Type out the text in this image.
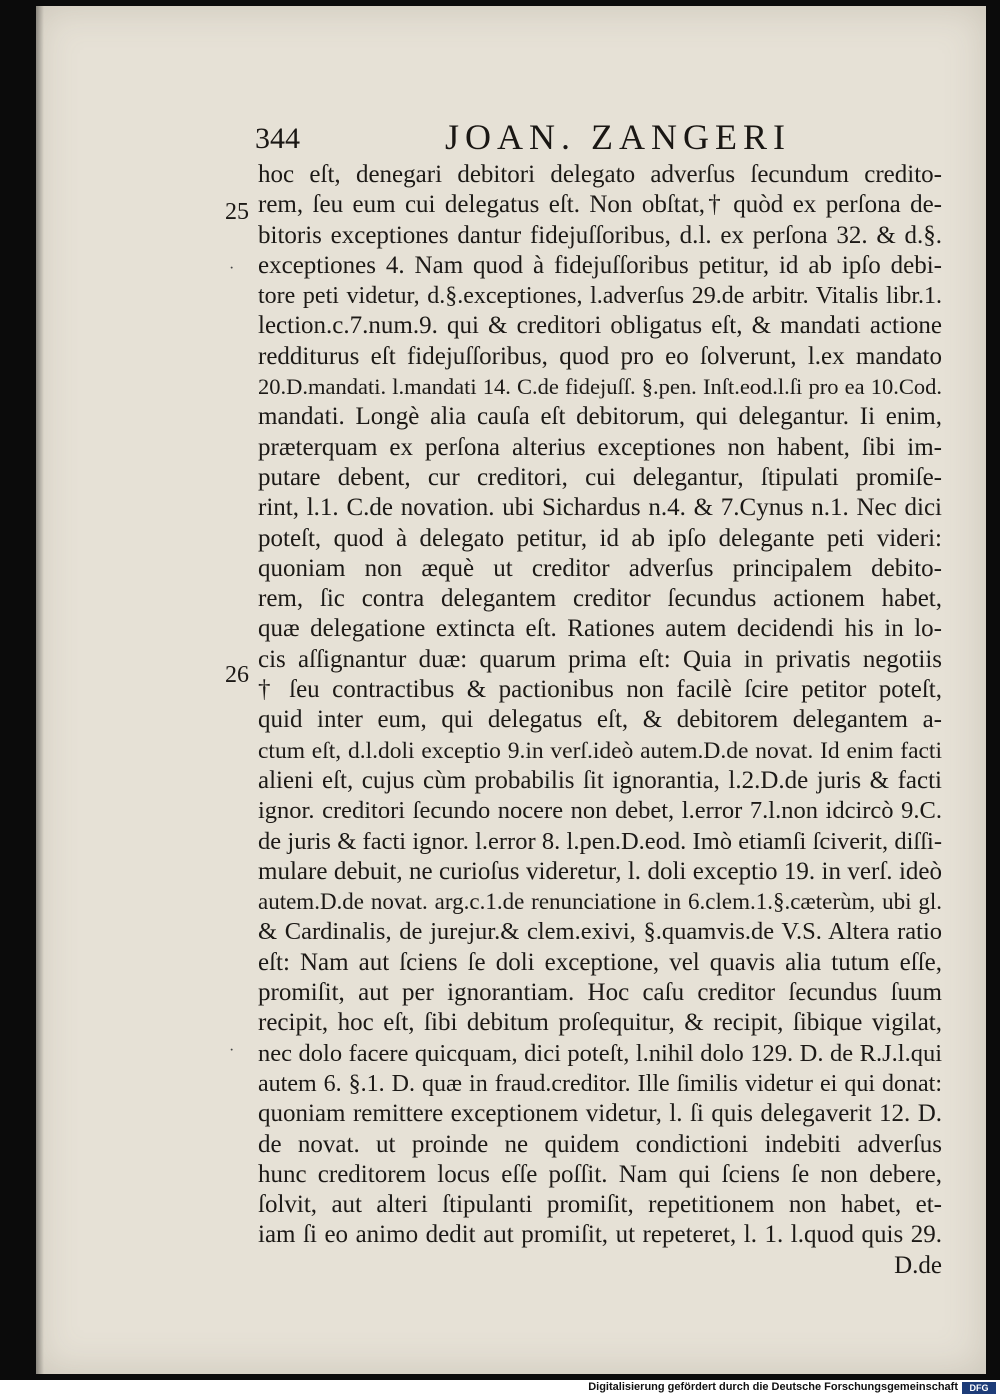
344	JOAN. ZANGERI
25
26
·
·
hoc eſt, denegari debitori delegato adverſus ſecundum credito-
rem, ſeu eum cui delegatus eſt. Non obſtat,† quòd ex perſona de-
bitoris exceptiones dantur fidejuſſoribus, d.l. ex perſona 32. & d.§.
exceptiones 4. Nam quod à fidejuſſoribus petitur, id ab ipſo debi-
tore peti videtur, d.§.exceptiones, l.adverſus 29.de arbitr. Vitalis libr.1.
lection.c.7.num.9. qui & creditori obligatus eſt, & mandati actione
redditurus eſt fidejuſſoribus, quod pro eo ſolverunt, l.ex mandato
20.D.mandati. l.mandati 14. C.de fidejuſſ. §.pen. Inſt.eod.l.ſi pro ea 10.Cod.
mandati. Longè alia cauſa eſt debitorum, qui delegantur. Ii enim,
præterquam ex perſona alterius exceptiones non habent, ſibi im-
putare debent, cur creditori, cui delegantur, ſtipulati promiſe-
rint, l.1. C.de novation. ubi Sichardus n.4. & 7.Cynus n.1. Nec dici
poteſt, quod à delegato petitur, id ab ipſo delegante peti videri:
quoniam non æquè ut creditor adverſus principalem debito-
rem, ſic contra delegantem creditor ſecundus actionem habet,
quæ delegatione extincta eſt. Rationes autem decidendi his in lo-
cis aſſignantur duæ: quarum prima eſt: Quia in privatis negotiis
† ſeu contractibus & pactionibus non facilè ſcire petitor poteſt,
quid inter eum, qui delegatus eſt, & debitorem delegantem a-
ctum eſt, d.l.doli exceptio 9.in verſ.ideò autem.D.de novat. Id enim facti
alieni eſt, cujus cùm probabilis ſit ignorantia, l.2.D.de juris & facti
ignor. creditori ſecundo nocere non debet, l.error 7.l.non idcircò 9.C.
de juris & facti ignor. l.error 8. l.pen.D.eod. Imò etiamſi ſciverit, diſſi-
mulare debuit, ne curioſus videretur, l. doli exceptio 19. in verſ. ideò
autem.D.de novat. arg.c.1.de renunciatione in 6.clem.1.§.cæterùm, ubi gl.
& Cardinalis, de jurejur.& clem.exivi, §.quamvis.de V.S. Altera ratio
eſt: Nam aut ſciens ſe doli exceptione, vel quavis alia tutum eſſe,
promiſit, aut per ignorantiam. Hoc caſu creditor ſecundus ſuum
recipit, hoc eſt, ſibi debitum proſequitur, & recipit, ſibique vigilat,
nec dolo facere quicquam, dici poteſt, l.nihil dolo 129. D. de R.J.l.qui
autem 6. §.1. D. quæ in fraud.creditor. Ille ſimilis videtur ei qui donat:
quoniam remittere exceptionem videtur, l. ſi quis delegaverit 12. D.
de novat. ut proinde ne quidem condictioni indebiti adverſus
hunc creditorem locus eſſe poſſit. Nam qui ſciens ſe non debere,
ſolvit, aut alteri ſtipulanti promiſit, repetitionem non habet, et-
iam ſi eo animo dedit aut promiſit, ut repeteret, l. 1. l.quod quis 29.
D.de
Digitalisierung gefördert durch die Deutsche Forschungsgemeinschaft	DFG
